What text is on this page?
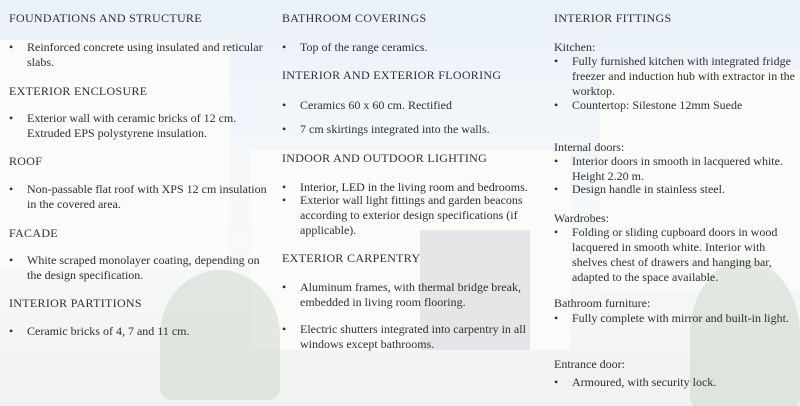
FOUNDATIONS AND STRUCTURE
• Reinforced concrete using insulated and reticular slabs.
EXTERIOR ENCLOSURE
• Exterior wall with ceramic bricks of 12 cm. Extruded EPS polystyrene insulation.
ROOF
• Non-passable flat roof with XPS 12 cm insulation in the covered area.
FACADE
• White scraped monolayer coating, depending on the design specification.
INTERIOR PARTITIONS
• Ceramic bricks of 4, 7 and 11 cm.
BATHROOM COVERINGS
• Top of the range ceramics.
INTERIOR AND EXTERIOR FLOORING
• Ceramics 60 x 60 cm. Rectified
• 7 cm skirtings integrated into the walls.
INDOOR AND OUTDOOR LIGHTING
• Interior, LED in the living room and bedrooms.
• Exterior wall light fittings and garden beacons according to exterior design specifications (if applicable).
EXTERIOR CARPENTRY
• Aluminum frames, with thermal bridge break, embedded in living room flooring.
• Electric shutters integrated into carpentry in all windows except bathrooms.
INTERIOR FITTINGS
Kitchen:
• Fully furnished kitchen with integrated fridge freezer and induction hub with extractor in the worktop.
• Countertop: Silestone 12mm Suede
Internal doors:
• Interior doors in smooth in lacquered white. Height 2.20 m.
• Design handle in stainless steel.
Wardrobes:
• Folding or sliding cupboard doors in wood lacquered in smooth white. Interior with shelves chest of drawers and hanging bar, adapted to the space available.
Bathroom furniture:
• Fully complete with mirror and built-in light.
Entrance door:
• Armoured, with security lock.
